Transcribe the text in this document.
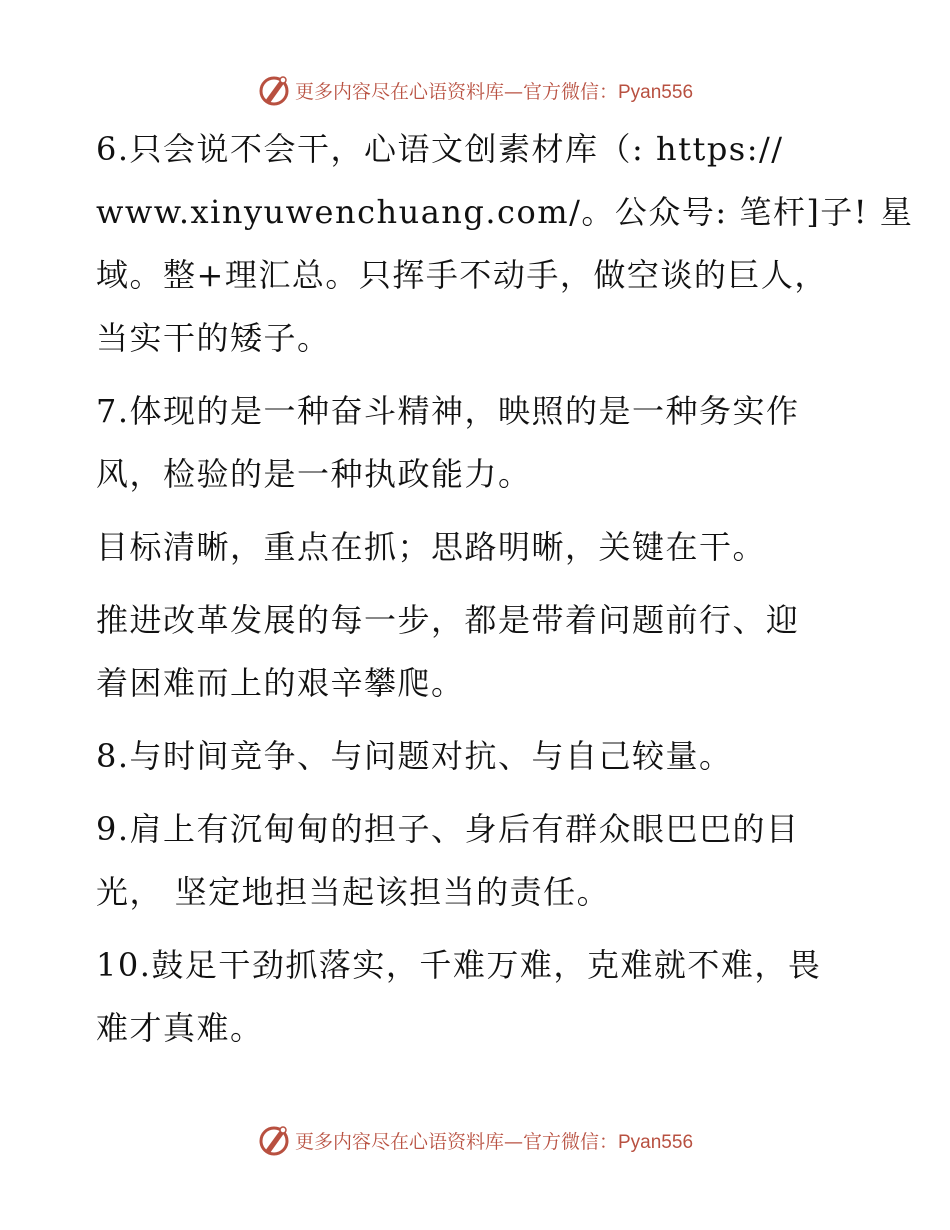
更多内容尽在心语资料库—官方微信：Pyan556

6.只会说不会干，心语文创素材库（: https://
www.xinyuwenchuang.com/。公众号: 笔杆]子! 星
域。整+理汇总。只挥手不动手，做空谈的巨人，
当实干的矮子。

7.体现的是一种奋斗精神，映照的是一种务实作
风，检验的是一种执政能力。

目标清晰，重点在抓；思路明晰，关键在干。

推进改革发展的每一步，都是带着问题前行、迎
着困难而上的艰辛攀爬。

8.与时间竞争、与问题对抗、与自己较量。

9.肩上有沉甸甸的担子、身后有群众眼巴巴的目
光， 坚定地担当起该担当的责任。

10.鼓足干劲抓落实，千难万难，克难就不难，畏
难才真难。

更多内容尽在心语资料库—官方微信：Pyan556
